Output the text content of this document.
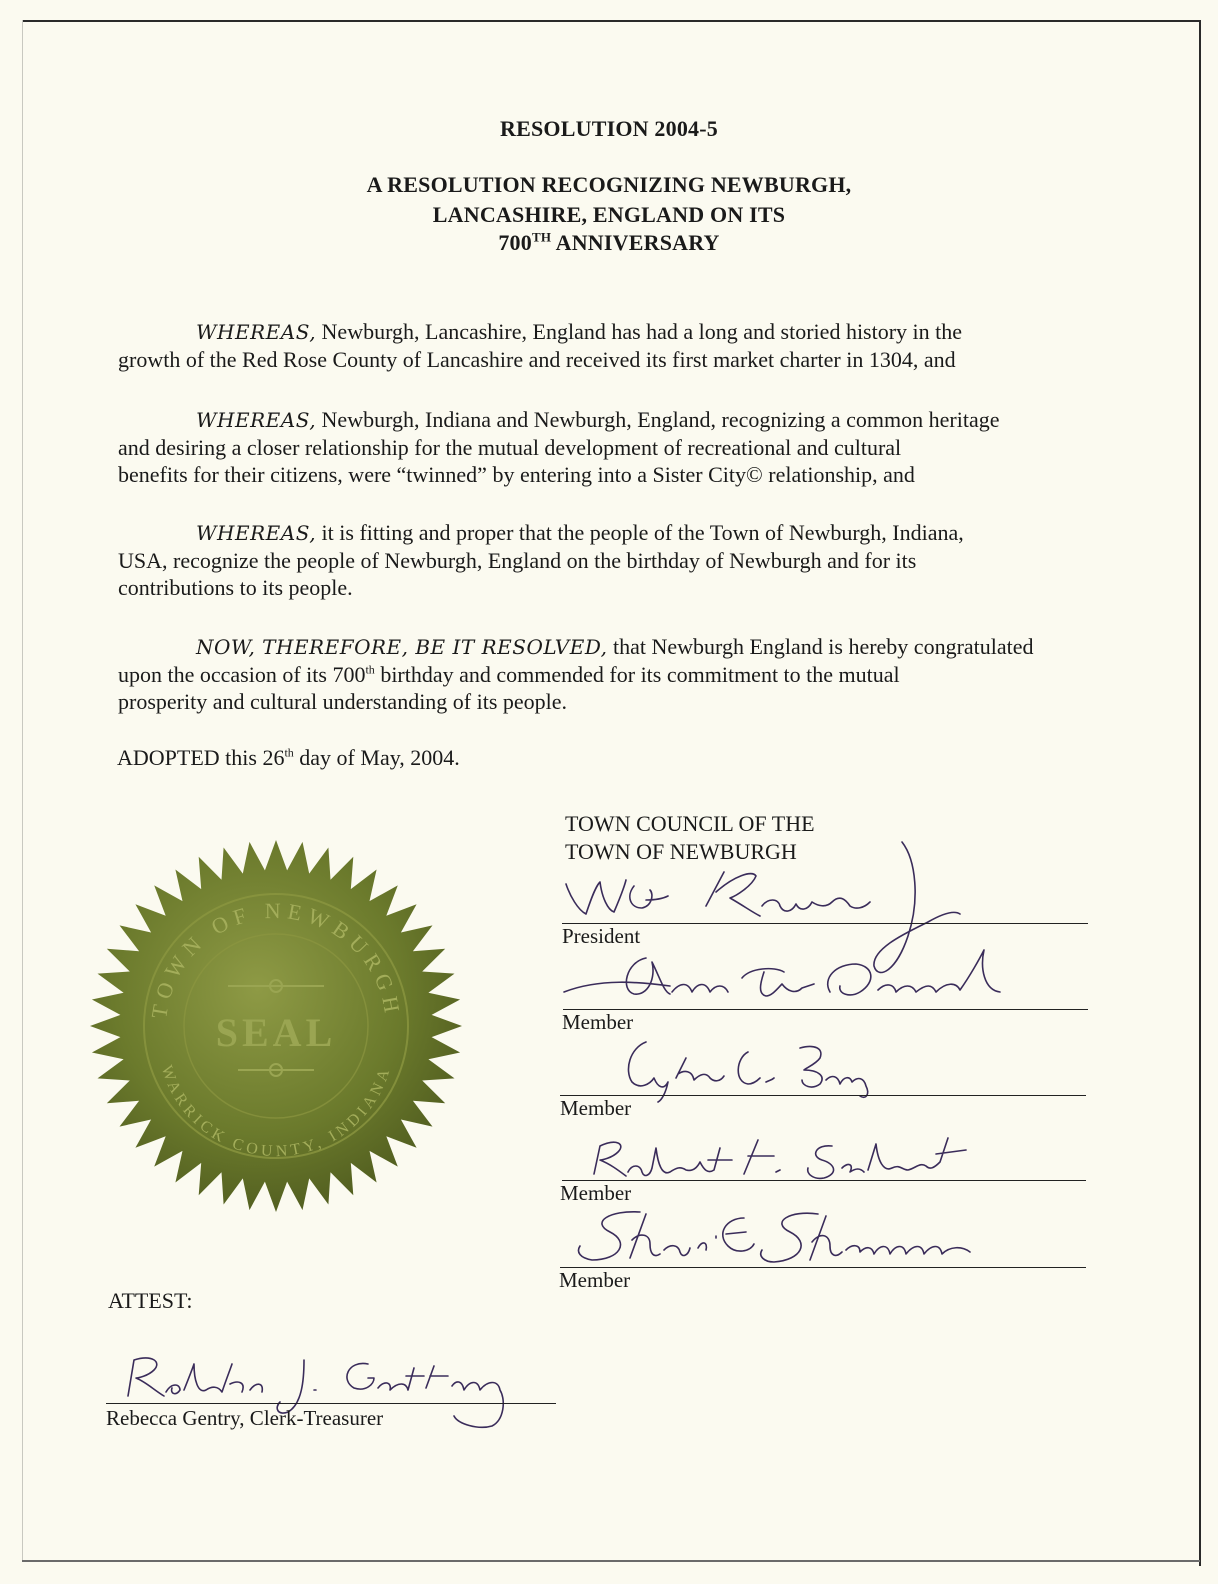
RESOLUTION 2004-5
A RESOLUTION RECOGNIZING NEWBURGH,
LANCASHIRE, ENGLAND ON ITS
700TH ANNIVERSARY
WHEREAS, Newburgh, Lancashire, England has had a long and storied history in the
growth of the Red Rose County of Lancashire and received its first market charter in 1304, and
WHEREAS, Newburgh, Indiana and Newburgh, England, recognizing a common heritage
and desiring a closer relationship for the mutual development of recreational and cultural
benefits for their citizens, were “twinned” by entering into a Sister City© relationship, and
WHEREAS, it is fitting and proper that the people of the Town of Newburgh, Indiana,
USA, recognize the people of Newburgh, England on the birthday of Newburgh and for its
contributions to its people.
NOW, THEREFORE, BE IT RESOLVED, that Newburgh England is hereby congratulated
upon the occasion of its 700th birthday and commended for its commitment to the mutual
prosperity and cultural understanding of its people.
ADOPTED this 26th day of May, 2004.
TOWN COUNCIL OF THE
TOWN OF NEWBURGH
TOWN OF NEWBURGH
WARRICK COUNTY, INDIANA
SEAL
President
Member
Member
Member
Member
ATTEST:
Rebecca Gentry, Clerk-Treasurer
